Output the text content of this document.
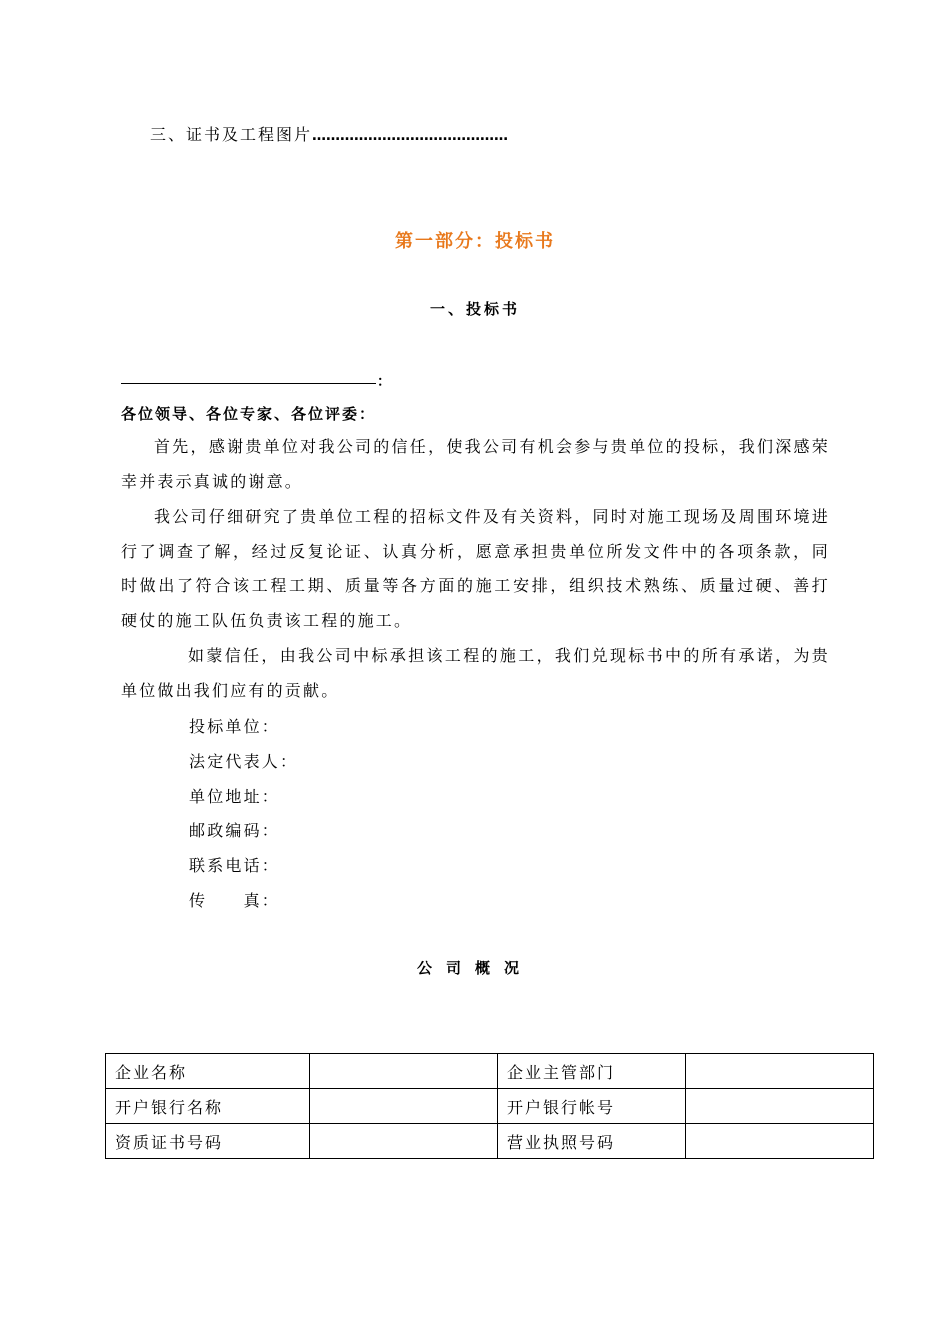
三、证书及工程图片……………………………………
第一部分：投标书
一、投标书
：
各位领导、各位专家、各位评委：
首先，感谢贵单位对我公司的信任，使我公司有机会参与贵单位的投标，我们深感荣幸并表示真诚的谢意。
我公司仔细研究了贵单位工程的招标文件及有关资料，同时对施工现场及周围环境进行了调查了解，经过反复论证、认真分析，愿意承担贵单位所发文件中的各项条款，同时做出了符合该工程工期、质量等各方面的施工安排，组织技术熟练、质量过硬、善打硬仗的施工队伍负责该工程的施工。
如蒙信任，由我公司中标承担该工程的施工，我们兑现标书中的所有承诺，为贵单位做出我们应有的贡献。
投标单位：
法定代表人：
单位地址：
邮政编码：
联系电话：
传　　真：
公司概况
企业名称		企业主管部门	
开户银行名称		开户银行帐号	
资质证书号码		营业执照号码	
